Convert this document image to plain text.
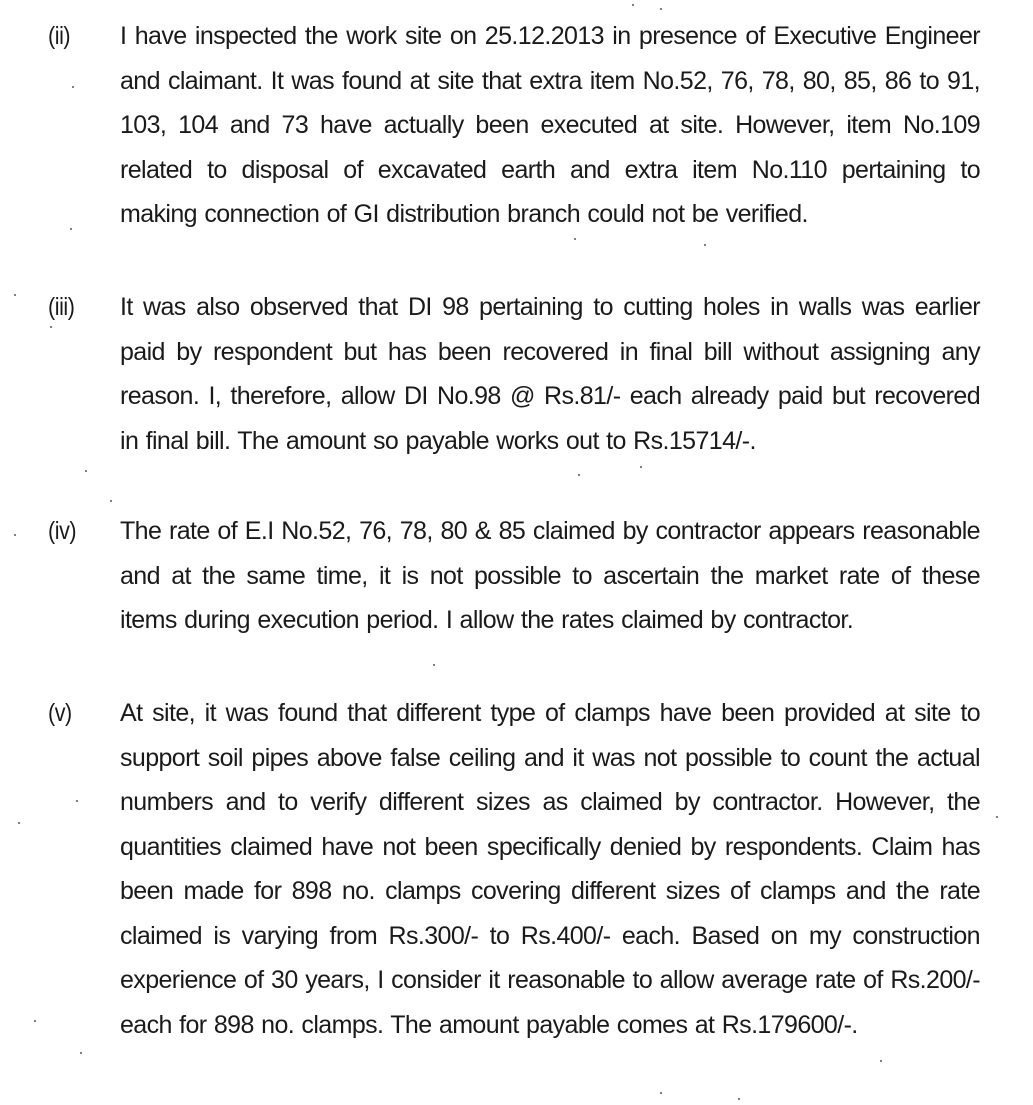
(ii) I have inspected the work site on 25.12.2013 in presence of Executive Engineer and claimant. It was found at site that extra item No.52, 76, 78, 80, 85, 86 to 91, 103, 104 and 73 have actually been executed at site. However, item No.109 related to disposal of excavated earth and extra item No.110 pertaining to making connection of GI distribution branch could not be verified.
(iii) It was also observed that DI 98 pertaining to cutting holes in walls was earlier paid by respondent but has been recovered in final bill without assigning any reason. I, therefore, allow DI No.98 @ Rs.81/- each already paid but recovered in final bill. The amount so payable works out to Rs.15714/-.
(iv) The rate of E.I No.52, 76, 78, 80 & 85 claimed by contractor appears reasonable and at the same time, it is not possible to ascertain the market rate of these items during execution period. I allow the rates claimed by contractor.
(v) At site, it was found that different type of clamps have been provided at site to support soil pipes above false ceiling and it was not possible to count the actual numbers and to verify different sizes as claimed by contractor. However, the quantities claimed have not been specifically denied by respondents. Claim has been made for 898 no. clamps covering different sizes of clamps and the rate claimed is varying from Rs.300/- to Rs.400/- each. Based on my construction experience of 30 years, I consider it reasonable to allow average rate of Rs.200/- each for 898 no. clamps. The amount payable comes at Rs.179600/-.
